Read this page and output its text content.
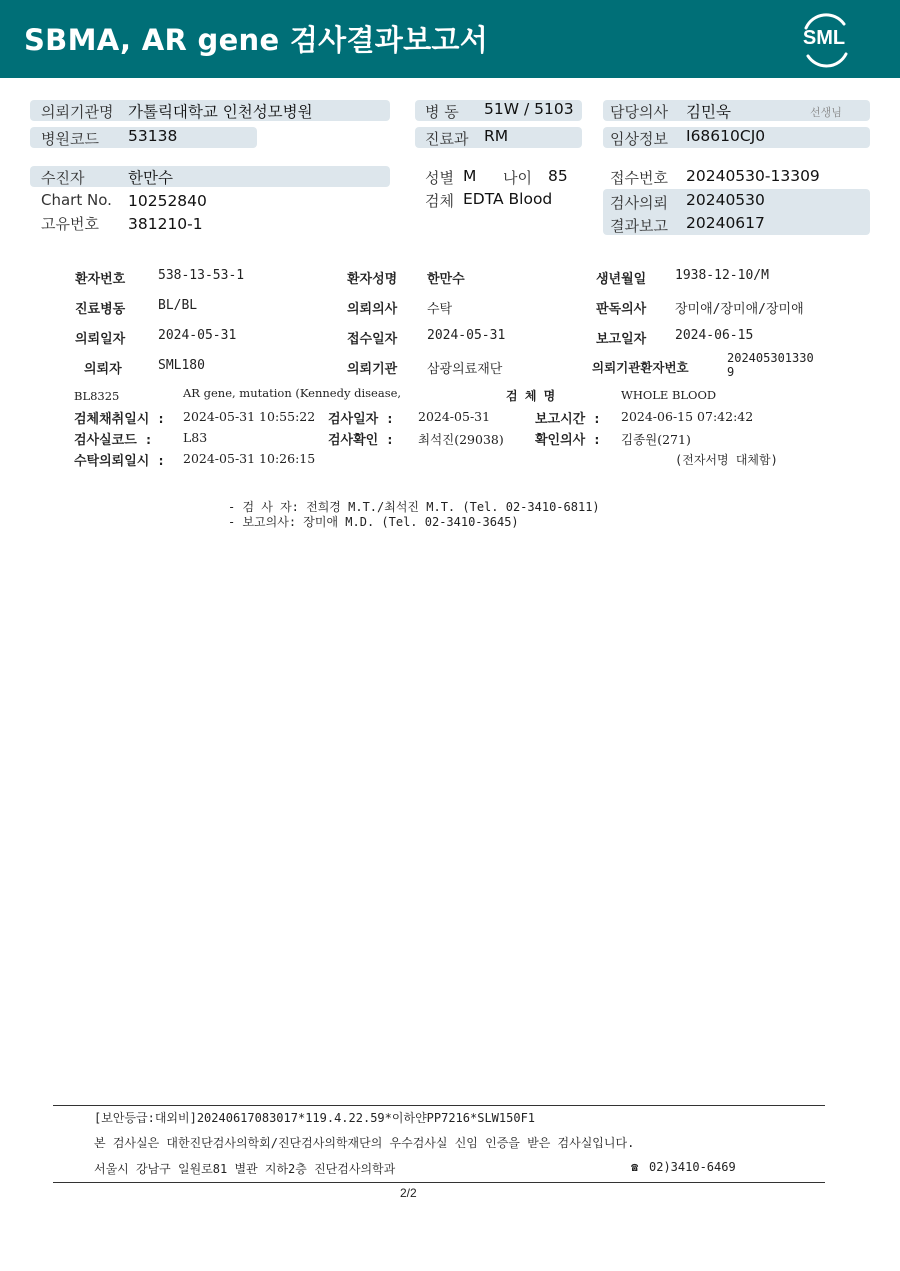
SBMA, AR gene 검사결과보고서	SML
의뢰기관명 가톨릭대학교 인천성모병원
병원코드 53138
병 동 51W / 5103
진료과 RM
담당의사 김민욱	선생님
임상정보 I68610CJ0
수진자	한만수
Chart No. 10252840
고유번호 381210-1
성별 M 나이 85
검체 EDTA Blood
접수번호 20240530-13309
검사의뢰 20240530
결과보고 20240617
환자번호	538-13-53-1	환자성명 한만수	생년월일 1938-12-10/M
진료병동	BL/BL	의뢰의사 수탁	판독의사 장미애/장미애/장미애
의뢰일자	2024-05-31	접수일자 2024-05-31	보고일자 2024-06-15
의뢰자	SML180	의뢰기관 삼광의료재단	의뢰기관환자번호
202405301330
9
BL8325	AR gene, mutation (Kennedy disease,	검 체 명	WHOLE BLOOD
검체채취일시 : 2024-05-31 10:55:22 검사일자 : 2024-05-31	보고시간 : 2024-06-15 07:42:42
검사실코드 : L83	검사확인 : 최석진(29038) 확인의사 : 김종원(271)
수탁의뢰일시 : 2024-05-31 10:26:15	(전자서명 대체함)
- 검 사 자: 전희경 M.T./최석진 M.T. (Tel. 02-3410-6811)
- 보고의사: 장미애 M.D. (Tel. 02-3410-3645)
[보안등급:대외비]20240617083017*119.4.22.59*이하얀PP7216*SLW150F1
본 검사실은 대한진단검사의학회/진단검사의학재단의 우수검사실 신임 인증을 받은 검사실입니다.
서울시 강남구 일원로81 별관 지하2층 진단검사의학과	☎ 02)3410-6469
2/2
